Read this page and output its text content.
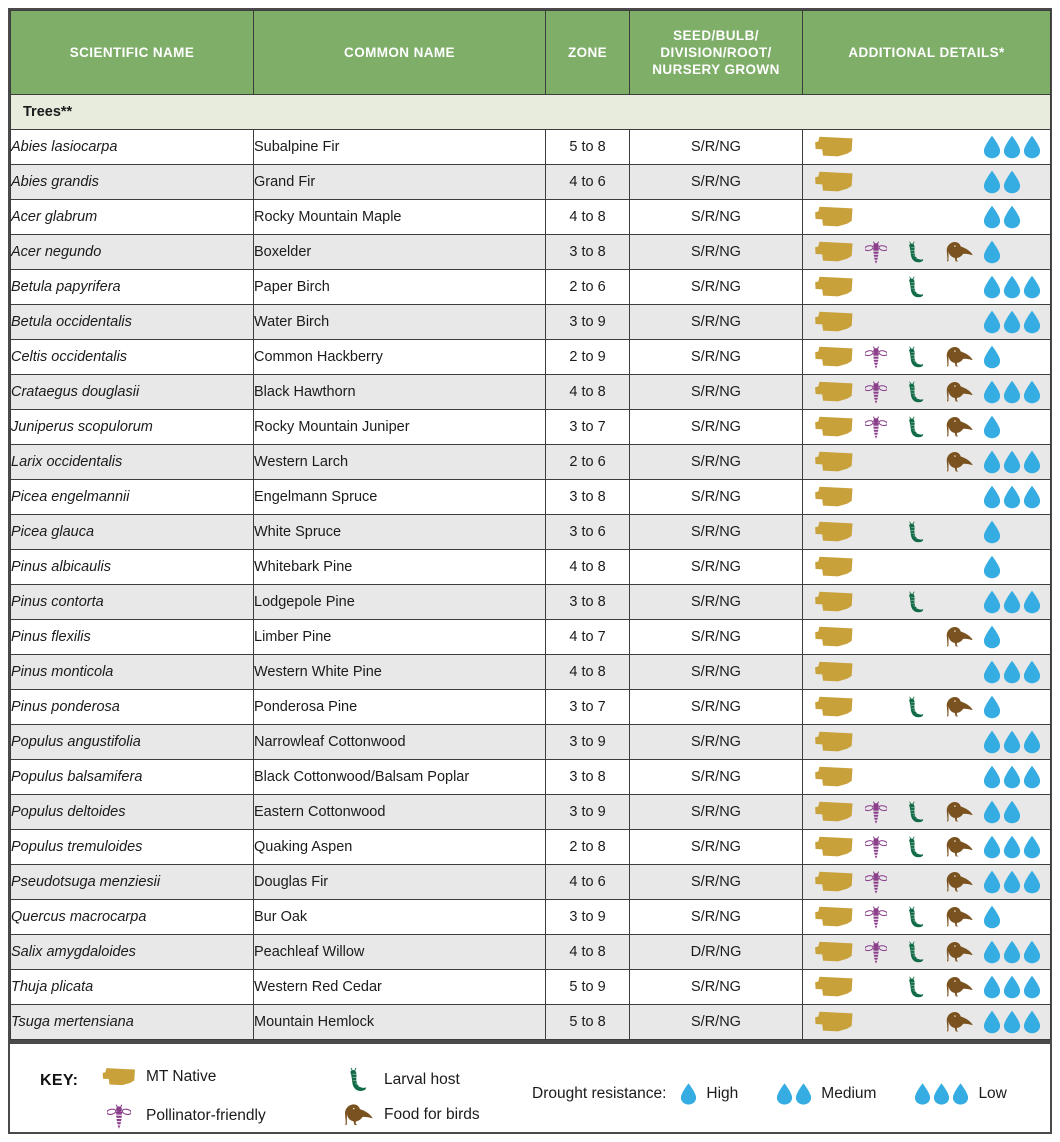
SCIENTIFIC NAME	COMMON NAME	ZONE	SEED/BULB/
DIVISION/ROOT/
NURSERY GROWN	ADDITIONAL DETAILS*

Trees**				
Abies lasiocarpa	Subalpine Fir	5 to 8	S/R/NG	

Abies grandis	Grand Fir	4 to 6	S/R/NG	

Acer glabrum	Rocky Mountain Maple	4 to 8	S/R/NG	

Acer negundo	Boxelder	3 to 8	S/R/NG	

Betula papyrifera	Paper Birch	2 to 6	S/R/NG	

Betula occidentalis	Water Birch	3 to 9	S/R/NG	

Celtis occidentalis	Common Hackberry	2 to 9	S/R/NG	

Crataegus douglasii	Black Hawthorn	4 to 8	S/R/NG	

Juniperus scopulorum	Rocky Mountain Juniper	3 to 7	S/R/NG	

Larix occidentalis	Western Larch	2 to 6	S/R/NG	

Picea engelmannii	Engelmann Spruce	3 to 8	S/R/NG	

Picea glauca	White Spruce	3 to 6	S/R/NG	

Pinus albicaulis	Whitebark Pine	4 to 8	S/R/NG	

Pinus contorta	Lodgepole Pine	3 to 8	S/R/NG	

Pinus flexilis	Limber Pine	4 to 7	S/R/NG	

Pinus monticola	Western White Pine	4 to 8	S/R/NG	

Pinus ponderosa	Ponderosa Pine	3 to 7	S/R/NG	

Populus angustifolia	Narrowleaf Cottonwood	3 to 9	S/R/NG	

Populus balsamifera	Black Cottonwood/Balsam Poplar	3 to 8	S/R/NG	

Populus deltoides	Eastern Cottonwood	3 to 9	S/R/NG	

Populus tremuloides	Quaking Aspen	2 to 8	S/R/NG	

Pseudotsuga menziesii	Douglas Fir	4 to 6	S/R/NG	

Quercus macrocarpa	Bur Oak	3 to 9	S/R/NG	

Salix amygdaloides	Peachleaf Willow	4 to 8	D/R/NG	

Thuja plicata	Western Red Cedar	5 to 9	S/R/NG	

Tsuga mertensiana	Mountain Hemlock	5 to 8	S/R/NG	
KEY:	MT Native
Pollinator-friendly
Larval host
Food for birds
Drought resistance:	High	Medium	Low
